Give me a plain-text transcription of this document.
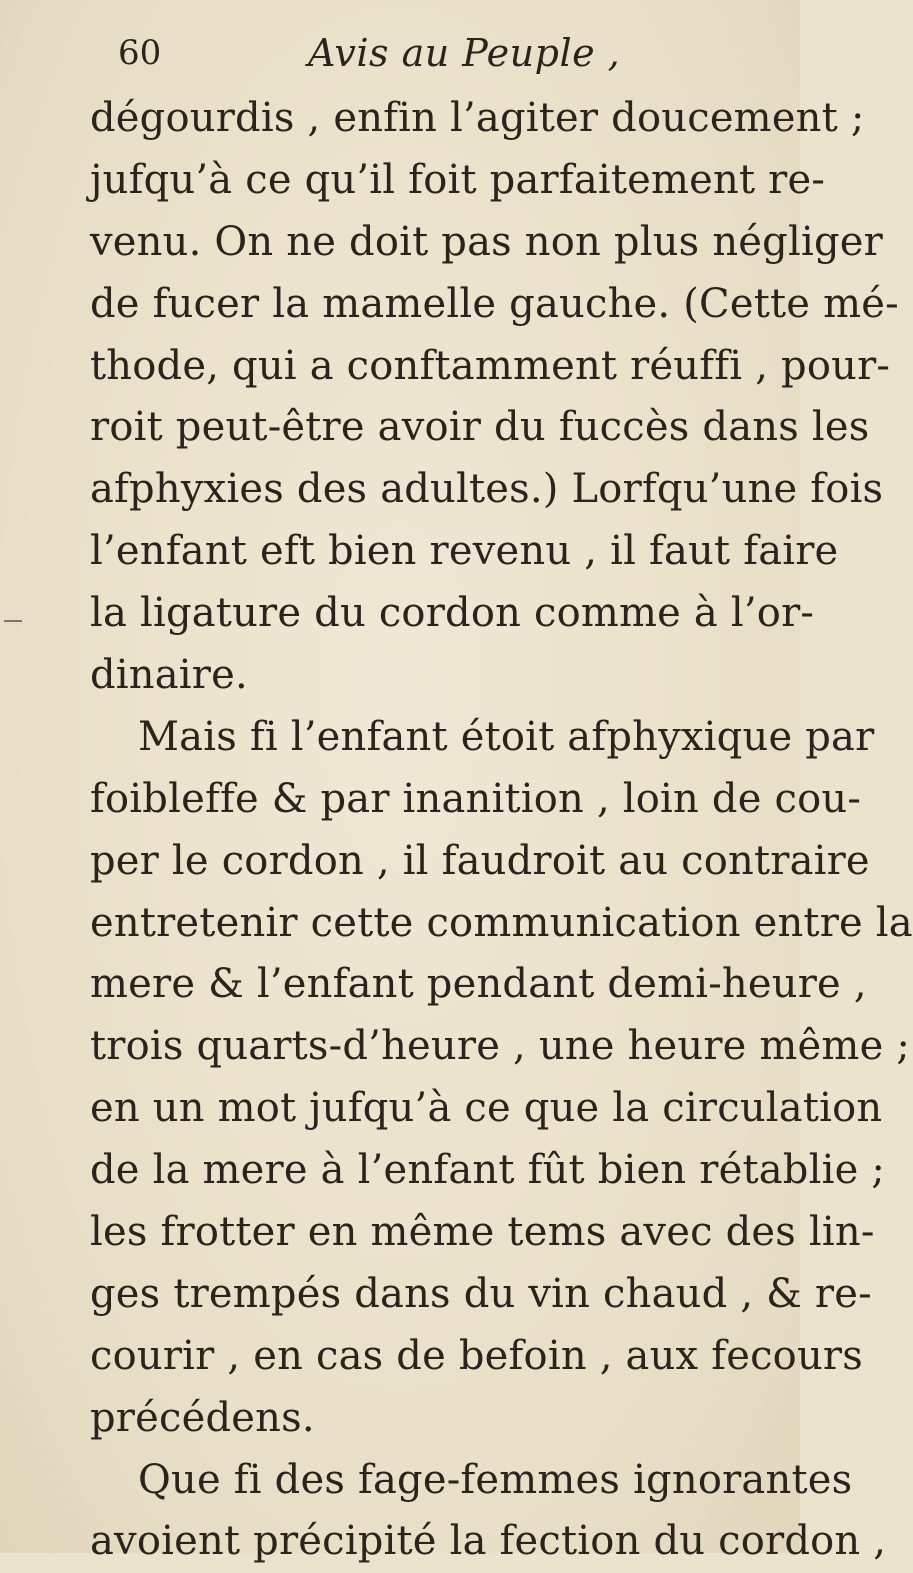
60	Avis au Peuple ,
dégourdis , enfin l’agiter doucement ;
jufqu’à ce qu’il foit parfaitement re-
venu. On ne doit pas non plus négliger
de fucer la mamelle gauche. (Cette mé-
thode, qui a conftamment réuffi , pour-
roit peut-être avoir du fuccès dans les
afphyxies des adultes.) Lorfqu’une fois
l’enfant eft bien revenu , il faut faire
la ligature du cordon comme à l’or-
dinaire.
Mais fi l’enfant étoit afphyxique par
foibleffe & par inanition , loin de cou-
per le cordon , il faudroit au contraire
entretenir cette communication entre la
mere & l’enfant pendant demi-heure ,
trois quarts-d’heure , une heure même ;
en un mot jufqu’à ce que la circulation
de la mere à l’enfant fût bien rétablie ;
les frotter en même tems avec des lin-
ges trempés dans du vin chaud , & re-
courir , en cas de befoin , aux fecours
précédens.
Que fi des fage-femmes ignorantes
avoient précipité la fection du cordon ,
